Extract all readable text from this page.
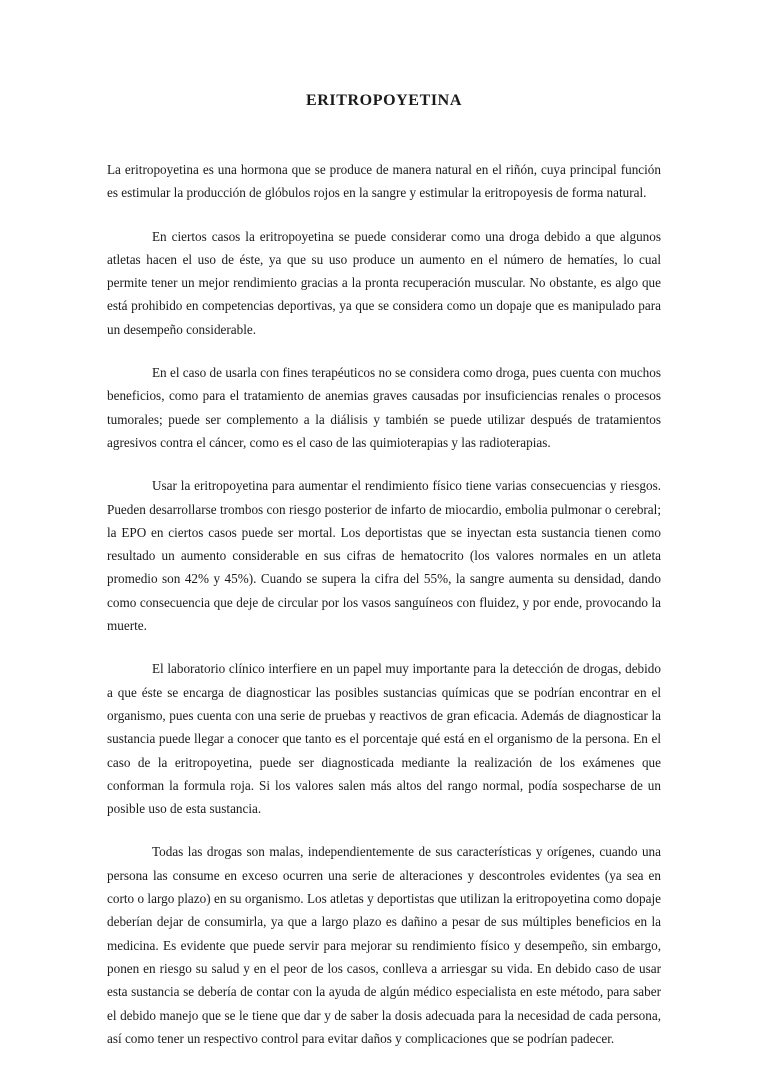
ERITROPOYETINA

La eritropoyetina es una hormona que se produce de manera natural en el riñón, cuya principal función es estimular la producción de glóbulos rojos en la sangre y estimular la eritropoyesis de forma natural.

En ciertos casos la eritropoyetina se puede considerar como una droga debido a que algunos atletas hacen el uso de éste, ya que su uso produce un aumento en el número de hematíes, lo cual permite tener un mejor rendimiento gracias a la pronta recuperación muscular. No obstante, es algo que está prohibido en competencias deportivas, ya que se considera como un dopaje que es manipulado para un desempeño considerable.

En el caso de usarla con fines terapéuticos no se considera como droga, pues cuenta con muchos beneficios, como para el tratamiento de anemias graves causadas por insuficiencias renales o procesos tumorales; puede ser complemento a la diálisis y también se puede utilizar después de tratamientos agresivos contra el cáncer, como es el caso de las quimioterapias y las radioterapias.

Usar la eritropoyetina para aumentar el rendimiento físico tiene varias consecuencias y riesgos. Pueden desarrollarse trombos con riesgo posterior de infarto de miocardio, embolia pulmonar o cerebral; la EPO en ciertos casos puede ser mortal. Los deportistas que se inyectan esta sustancia tienen como resultado un aumento considerable en sus cifras de hematocrito (los valores normales en un atleta promedio son 42% y 45%). Cuando se supera la cifra del 55%, la sangre aumenta su densidad, dando como consecuencia que deje de circular por los vasos sanguíneos con fluidez, y por ende, provocando la muerte.

El laboratorio clínico interfiere en un papel muy importante para la detección de drogas, debido a que éste se encarga de diagnosticar las posibles sustancias químicas que se podrían encontrar en el organismo, pues cuenta con una serie de pruebas y reactivos de gran eficacia. Además de diagnosticar la sustancia puede llegar a conocer que tanto es el porcentaje qué está en el organismo de la persona. En el caso de la eritropoyetina, puede ser diagnosticada mediante la realización de los exámenes que conforman la formula roja. Si los valores salen más altos del rango normal, podía sospecharse de un posible uso de esta sustancia.

Todas las drogas son malas, independientemente de sus características y orígenes, cuando una persona las consume en exceso ocurren una serie de alteraciones y descontroles evidentes (ya sea en corto o largo plazo) en su organismo. Los atletas y deportistas que utilizan la eritropoyetina como dopaje deberían dejar de consumirla, ya que a largo plazo es dañino a pesar de sus múltiples beneficios en la medicina. Es evidente que puede servir para mejorar su rendimiento físico y desempeño, sin embargo, ponen en riesgo su salud y en el peor de los casos, conlleva a arriesgar su vida. En debido caso de usar esta sustancia se debería de contar con la ayuda de algún médico especialista en este método, para saber el debido manejo que se le tiene que dar y de saber la dosis adecuada para la necesidad de cada persona, así como tener un respectivo control para evitar daños y complicaciones que se podrían padecer.
